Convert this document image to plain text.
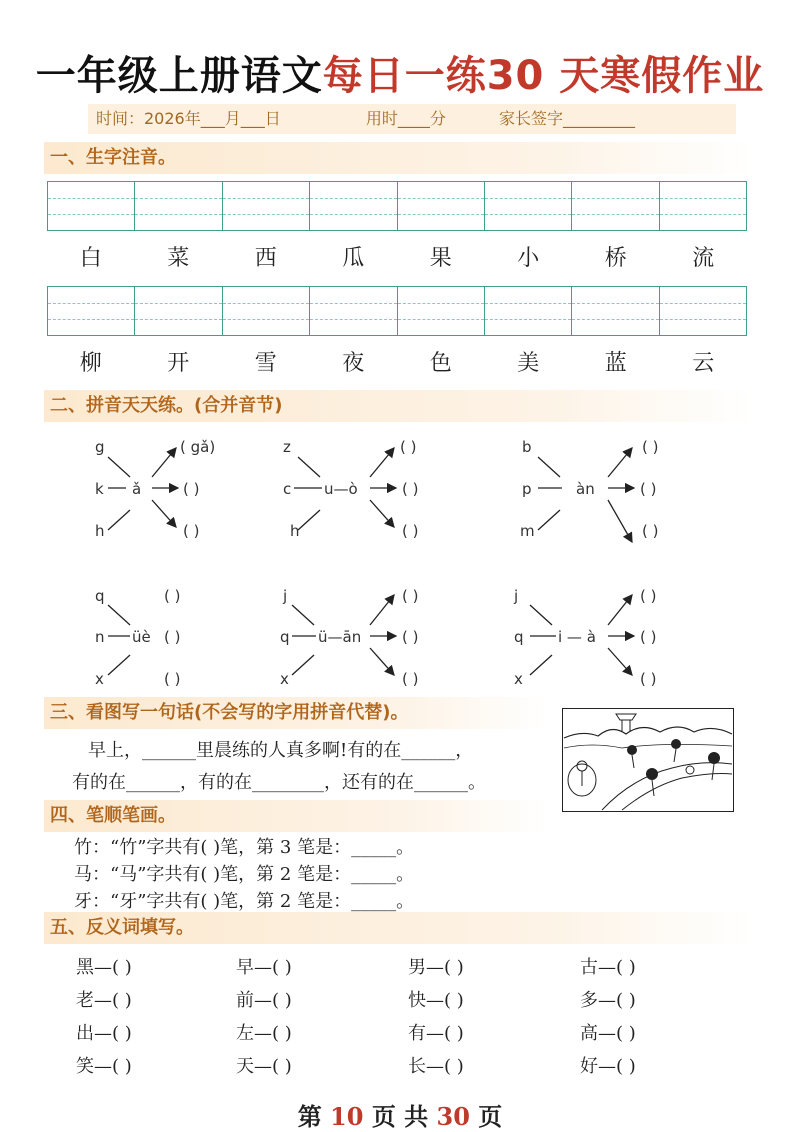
一年级上册语文每日一练30 天寒假作业
时间：2026年___月___日	用时____分	家长签字_________
一、生字注音。
白	菜	西	瓜	果	小	桥	流
柳	开	雪	夜	色	美	蓝	云
二、拼音天天练。(合并音节)
g
k
h
ǎ
( gǎ)
( )
( )
z
c
h
u—ò
( )
( )
( )
b
p
m
àn
( )
( )
( )
q
n
x
üè
( )
( )
( )
j
q
x
ü—ān
( )
( )
( )
j
q
x
i — à
( )
( )
( )
三、看图写一句话(不会写的字用拼音代替)。
早上，______里晨练的人真多啊!有的在______，
有的在______，有的在________，还有的在______。
四、笔顺笔画。
竹：“竹”字共有( )笔，第 3 笔是：_____。
马：“马”字共有( )笔，第 2 笔是：_____。
牙：“牙”字共有( )笔，第 2 笔是：_____。
五、反义词填写。
黑—( )	早—( )	男—( )	古—( )
老—( )	前—( )	快—( )	多—( )
出—( )	左—( )	有—( )	高—( )
笑—( )	天—( )	长—( )	好—( )
第 10 页 共 30 页
